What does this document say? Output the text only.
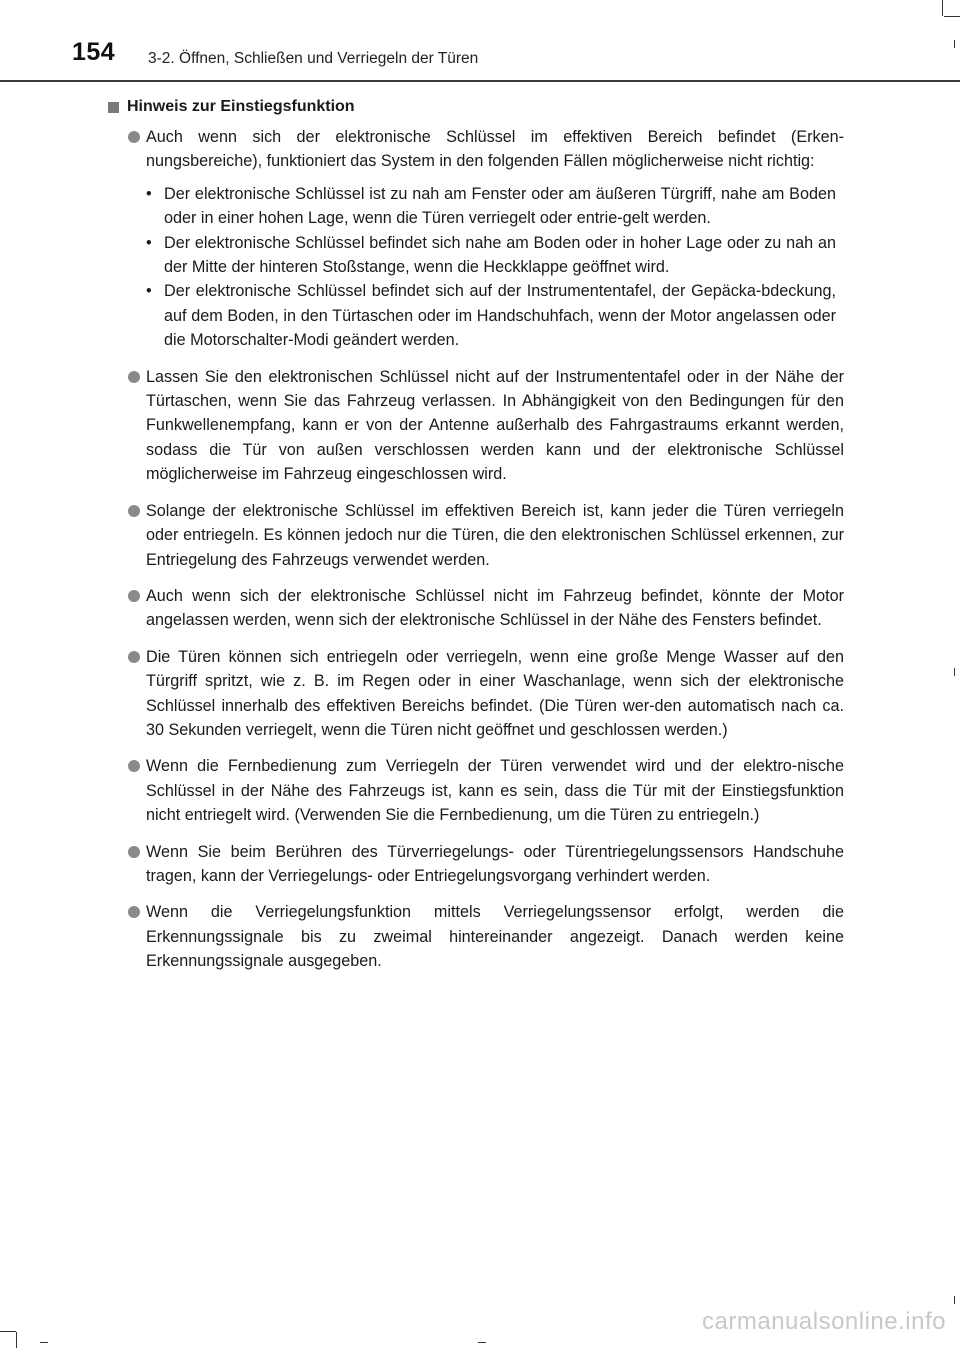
154 3-2. Öffnen, Schließen und Verriegeln der Türen
Hinweis zur Einstiegsfunktion
Auch wenn sich der elektronische Schlüssel im effektiven Bereich befindet (Erken-nungsbereiche), funktioniert das System in den folgenden Fällen möglicherweise nicht richtig:
• Der elektronische Schlüssel ist zu nah am Fenster oder am äußeren Türgriff, nahe am Boden oder in einer hohen Lage, wenn die Türen verriegelt oder entrie-gelt werden.
• Der elektronische Schlüssel befindet sich nahe am Boden oder in hoher Lage oder zu nah an der Mitte der hinteren Stoßstange, wenn die Heckklappe geöffnet wird.
• Der elektronische Schlüssel befindet sich auf der Instrumententafel, der Gepäcka-bdeckung, auf dem Boden, in den Türtaschen oder im Handschuhfach, wenn der Motor angelassen oder die Motorschalter-Modi geändert werden.
Lassen Sie den elektronischen Schlüssel nicht auf der Instrumententafel oder in der Nähe der Türtaschen, wenn Sie das Fahrzeug verlassen. In Abhängigkeit von den Bedingungen für den Funkwellenempfang, kann er von der Antenne außerhalb des Fahrgastraums erkannt werden, sodass die Tür von außen verschlossen werden kann und der elektronische Schlüssel möglicherweise im Fahrzeug eingeschlossen wird.
Solange der elektronische Schlüssel im effektiven Bereich ist, kann jeder die Türen verriegeln oder entriegeln. Es können jedoch nur die Türen, die den elektronischen Schlüssel erkennen, zur Entriegelung des Fahrzeugs verwendet werden.
Auch wenn sich der elektronische Schlüssel nicht im Fahrzeug befindet, könnte der Motor angelassen werden, wenn sich der elektronische Schlüssel in der Nähe des Fensters befindet.
Die Türen können sich entriegeln oder verriegeln, wenn eine große Menge Wasser auf den Türgriff spritzt, wie z. B. im Regen oder in einer Waschanlage, wenn sich der elektronische Schlüssel innerhalb des effektiven Bereichs befindet. (Die Türen wer-den automatisch nach ca. 30 Sekunden verriegelt, wenn die Türen nicht geöffnet und geschlossen werden.)
Wenn die Fernbedienung zum Verriegeln der Türen verwendet wird und der elektro-nische Schlüssel in der Nähe des Fahrzeugs ist, kann es sein, dass die Tür mit der Einstiegsfunktion nicht entriegelt wird. (Verwenden Sie die Fernbedienung, um die Türen zu entriegeln.)
Wenn Sie beim Berühren des Türverriegelungs- oder Türentriegelungssensors Handschuhe tragen, kann der Verriegelungs- oder Entriegelungsvorgang verhindert werden.
Wenn die Verriegelungsfunktion mittels Verriegelungssensor erfolgt, werden die Erkennungssignale bis zu zweimal hintereinander angezeigt. Danach werden keine Erkennungssignale ausgegeben.
carmanualsonline.info
